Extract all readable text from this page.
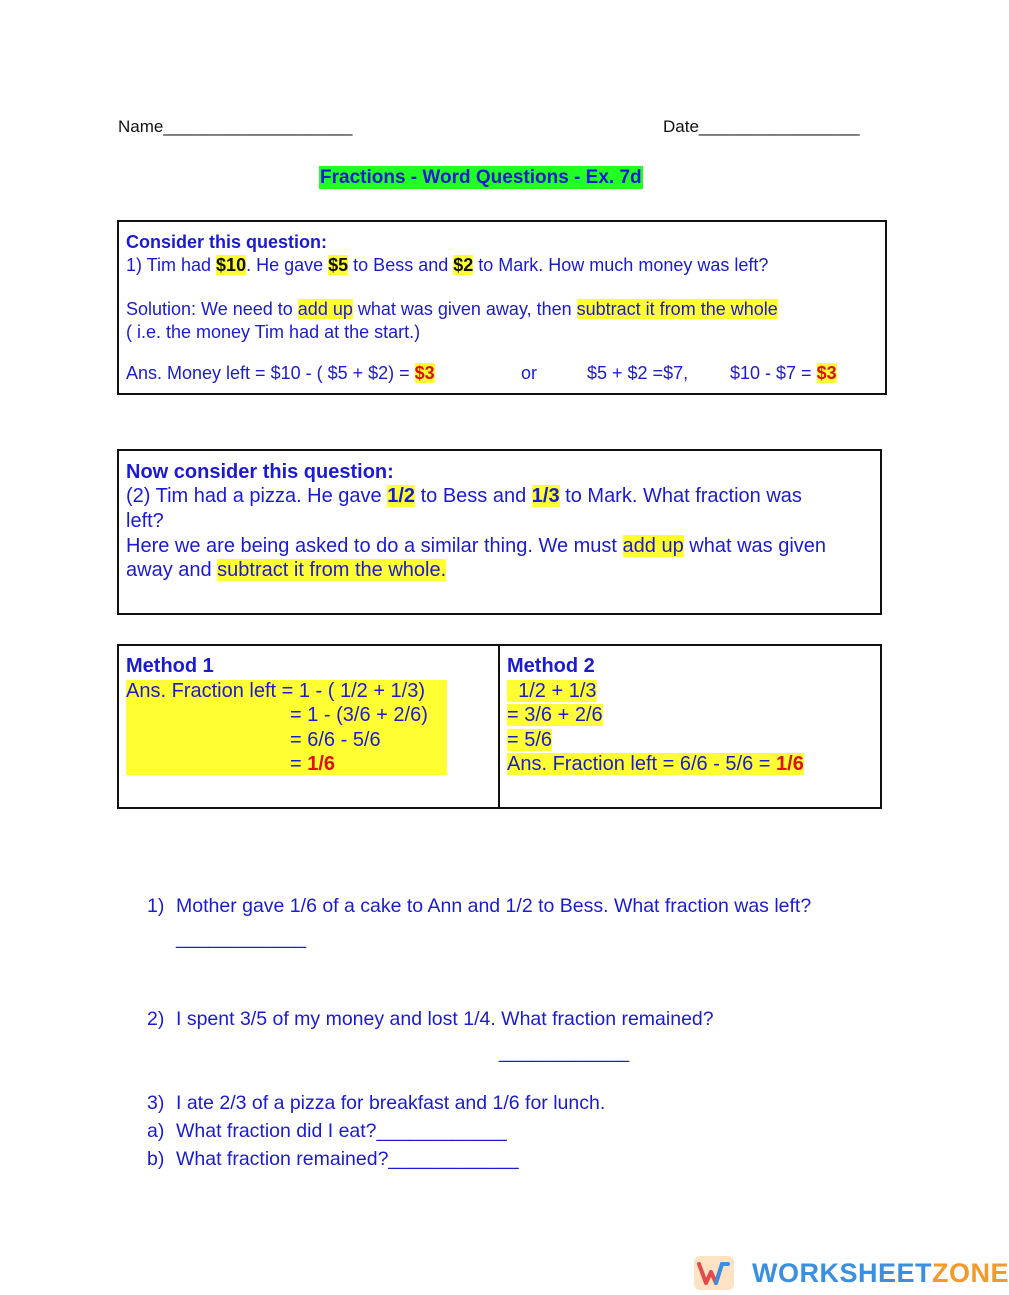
Name____________________	Date_________________
Fractions - Word Questions - Ex. 7d
Consider this question:
1) Tim had $10. He gave $5 to Bess and $2 to Mark. How much money was left?
Solution: We need to add up what was given away, then subtract it from the whole
( i.e. the money Tim had at the start.)
Ans. Money left = $10 - ( $5 + $2) = $3	or	$5 + $2 =$7, $10 - $7 = $3
Now consider this question:
(2) Tim had a pizza. He gave 1/2 to Bess and 1/3 to Mark. What fraction was
left?
Here we are being asked to do a similar thing. We must add up what was given
away and subtract it from the whole.
Method 1
Ans. Fraction left = 1 - ( 1/2 + 1/3)
= 1 - (3/6 + 2/6)
= 6/6 - 5/6
= 1/6
Method 2
1/2 + 1/3
= 3/6 + 2/6
= 5/6
Ans. Fraction left = 6/6 - 5/6 = 1/6
1) Mother gave 1/6 of a cake to Ann and 1/2 to Bess. What fraction was left?
____________
2) I spent 3/5 of my money and lost 1/4. What fraction remained?
____________
3) I ate 2/3 of a pizza for breakfast and 1/6 for lunch.
a) What fraction did I eat?____________
b) What fraction remained?____________
WORKSHEETZONE
